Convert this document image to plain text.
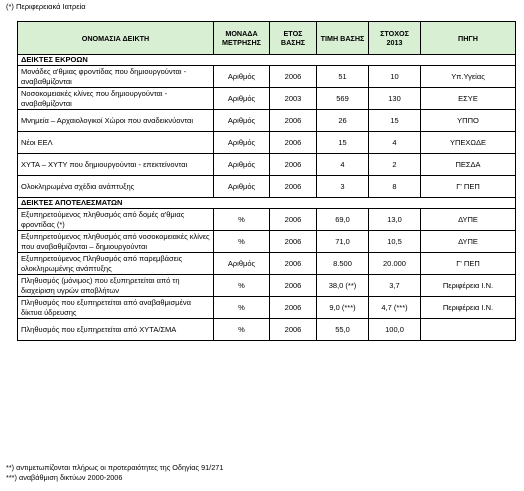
(*) Περιφερειακά Ιατρεία
ΟΝΟΜΑΣΙΑ ΔΕΙΚΤΗ	ΜΟΝΑΔΑ ΜΕΤΡΗΣΗΣ	ΕΤΟΣ ΒΑΣΗΣ	ΤΙΜΗ ΒΑΣΗΣ	ΣΤΟΧΟΣ 2013	ΠΗΓΗ
ΔΕΙΚΤΕΣ ΕΚΡΟΩΝ					
Μονάδες α'θμιας φροντίδας που δημιουργούνται - αναβαθμίζονται	Αριθμός	2006	51	10	Υπ.Υγείας
Νοσοκομειακές κλίνες που δημιουργούνται - αναβαθμίζονται	Αριθμός	2003	569	130	ΕΣΥΕ
Μνημεία – Αρχαιολογικοί Χώροι που αναδεικνύονται	Αριθμός	2006	26	15	ΥΠΠΟ
Νέοι ΕΕΛ	Αριθμός	2006	15	4	ΥΠΕΧΩΔΕ
ΧΥΤΑ – ΧΥΤΥ που δημιουργούνται - επεκτείνονται	Αριθμός	2006	4	2	ΠΕΣΔΑ
Ολοκληρωμένα σχέδια ανάπτυξης	Αριθμός	2006	3	8	Γ' ΠΕΠ
ΔΕΙΚΤΕΣ ΑΠΟΤΕΛΕΣΜΑΤΩΝ					
Εξυπηρετούμενος πληθυσμός από δομές α'θμιας φροντίδας (*)	%	2006	69,0	13,0	ΔΥΠΕ
Εξυπηρετούμενος πληθυσμός από νοσοκομειακές κλίνες που αναβαθμίζονται – δημιουργούνται	%	2006	71,0	10,5	ΔΥΠΕ
Εξυπηρετούμενος Πληθυσμός από παρεμβάσεις ολοκληρωμένης ανάπτυξης	Αριθμός	2006	8.500	20.000	Γ' ΠΕΠ
Πληθυσμός (μόνιμος) που εξυπηρετείται από τη διαχείριση υγρών αποβλήτων	%	2006	38,0 (**)	3,7	Περιφέρεια Ι.Ν.
Πληθυσμός που εξυπηρετείται από αναβαθμισμένα δίκτυα ύδρευσης	%	2006	9,0 (***)	4,7 (***)	Περιφέρεια Ι.Ν.
Πληθυσμός που εξυπηρετείται από ΧΥΤΑ/ΣΜΑ	%	2006	55,0	100,0	
**) αντιμετωπίζονται πλήρως οι προτεραιότητες της Οδηγίας 91/271
***) αναβάθμιση δικτύων 2000-2006
